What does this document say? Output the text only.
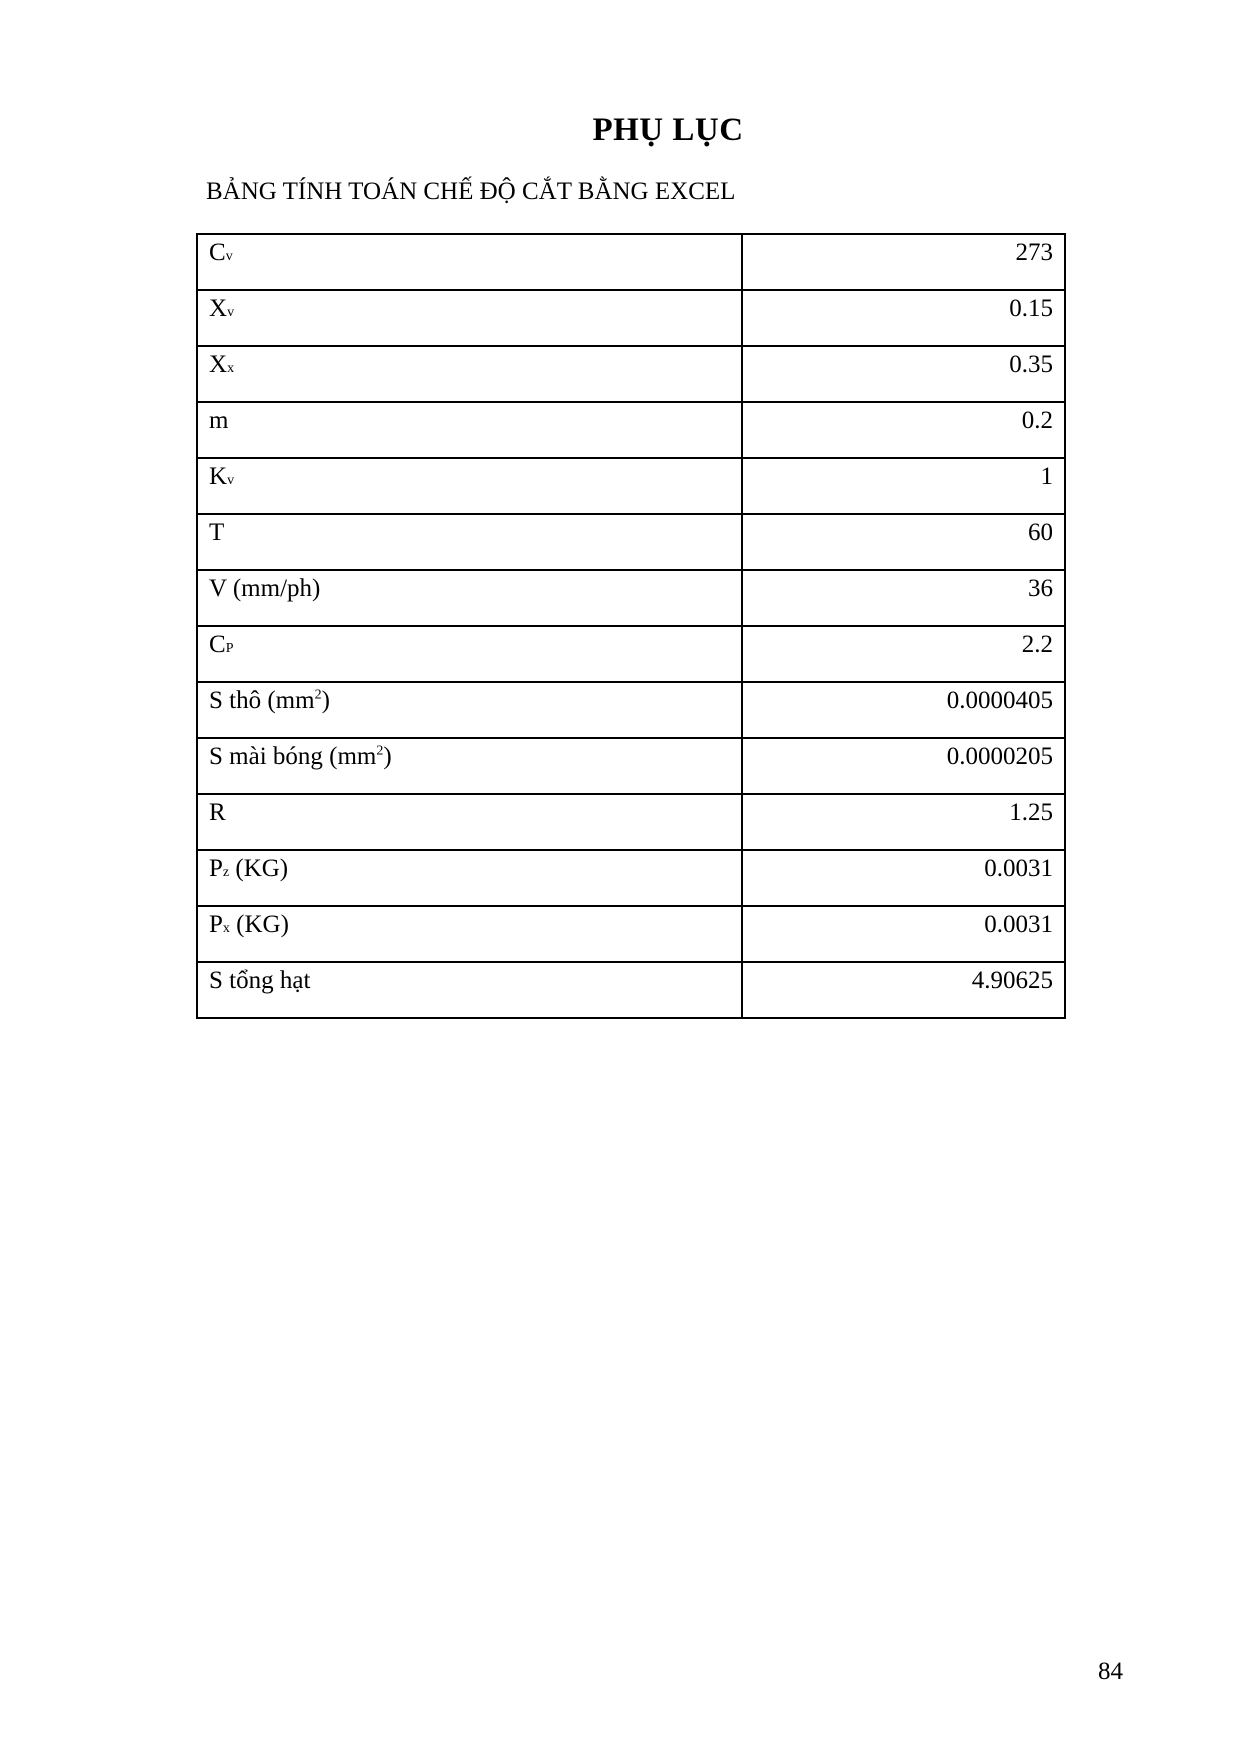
PHỤ LỤC

BẢNG TÍNH TOÁN CHẾ ĐỘ CẮT BẰNG EXCEL

Cv	273
Xv	0.15
Xx	0.35
m	0.2
Kv	1
T	60
V (mm/ph)	36
CP	2.2
S thô $(mm^2)$	0.0000405
S mài bóng $(mm^2)$	0.0000205
R	1.25
Pz (KG)	0.0031
Px (KG)	0.0031
S tổng hạt	4.90625

84
